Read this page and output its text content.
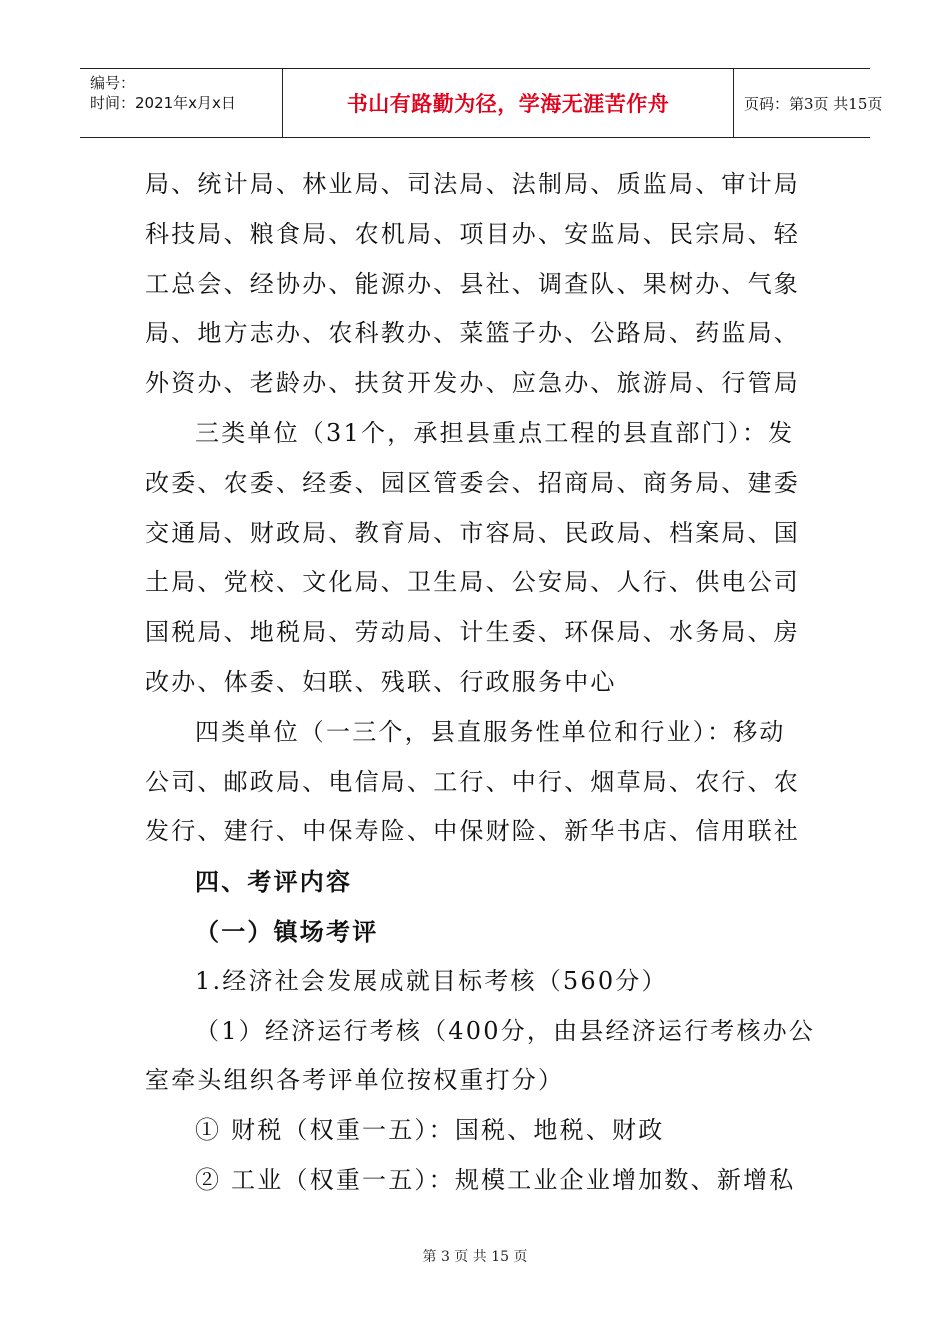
编号：
时间：2021年x月x日	书山有路勤为径，学海无涯苦作舟	页码：第3页 共15页

局、统计局、林业局、司法局、法制局、质监局、审计局

科技局、粮食局、农机局、项目办、安监局、民宗局、轻

工总会、经协办、能源办、县社、调查队、果树办、气象

局、地方志办、农科教办、菜篮子办、公路局、药监局、

外资办、老龄办、扶贫开发办、应急办、旅游局、行管局

三类单位（31个，承担县重点工程的县直部门）：发

改委、农委、经委、园区管委会、招商局、商务局、建委

交通局、财政局、教育局、市容局、民政局、档案局、国

土局、党校、文化局、卫生局、公安局、人行、供电公司

国税局、地税局、劳动局、计生委、环保局、水务局、房

改办、体委、妇联、残联、行政服务中心

四类单位（一三个，县直服务性单位和行业）：移动

公司、邮政局、电信局、工行、中行、烟草局、农行、农

发行、建行、中保寿险、中保财险、新华书店、信用联社

四、考评内容

（一）镇场考评

1.经济社会发展成就目标考核（560分）

（1）经济运行考核（400分，由县经济运行考核办公

室牵头组织各考评单位按权重打分）

① 财税（权重一五）：国税、地税、财政

② 工业（权重一五）：规模工业企业增加数、新增私

第 3 页 共 15 页
